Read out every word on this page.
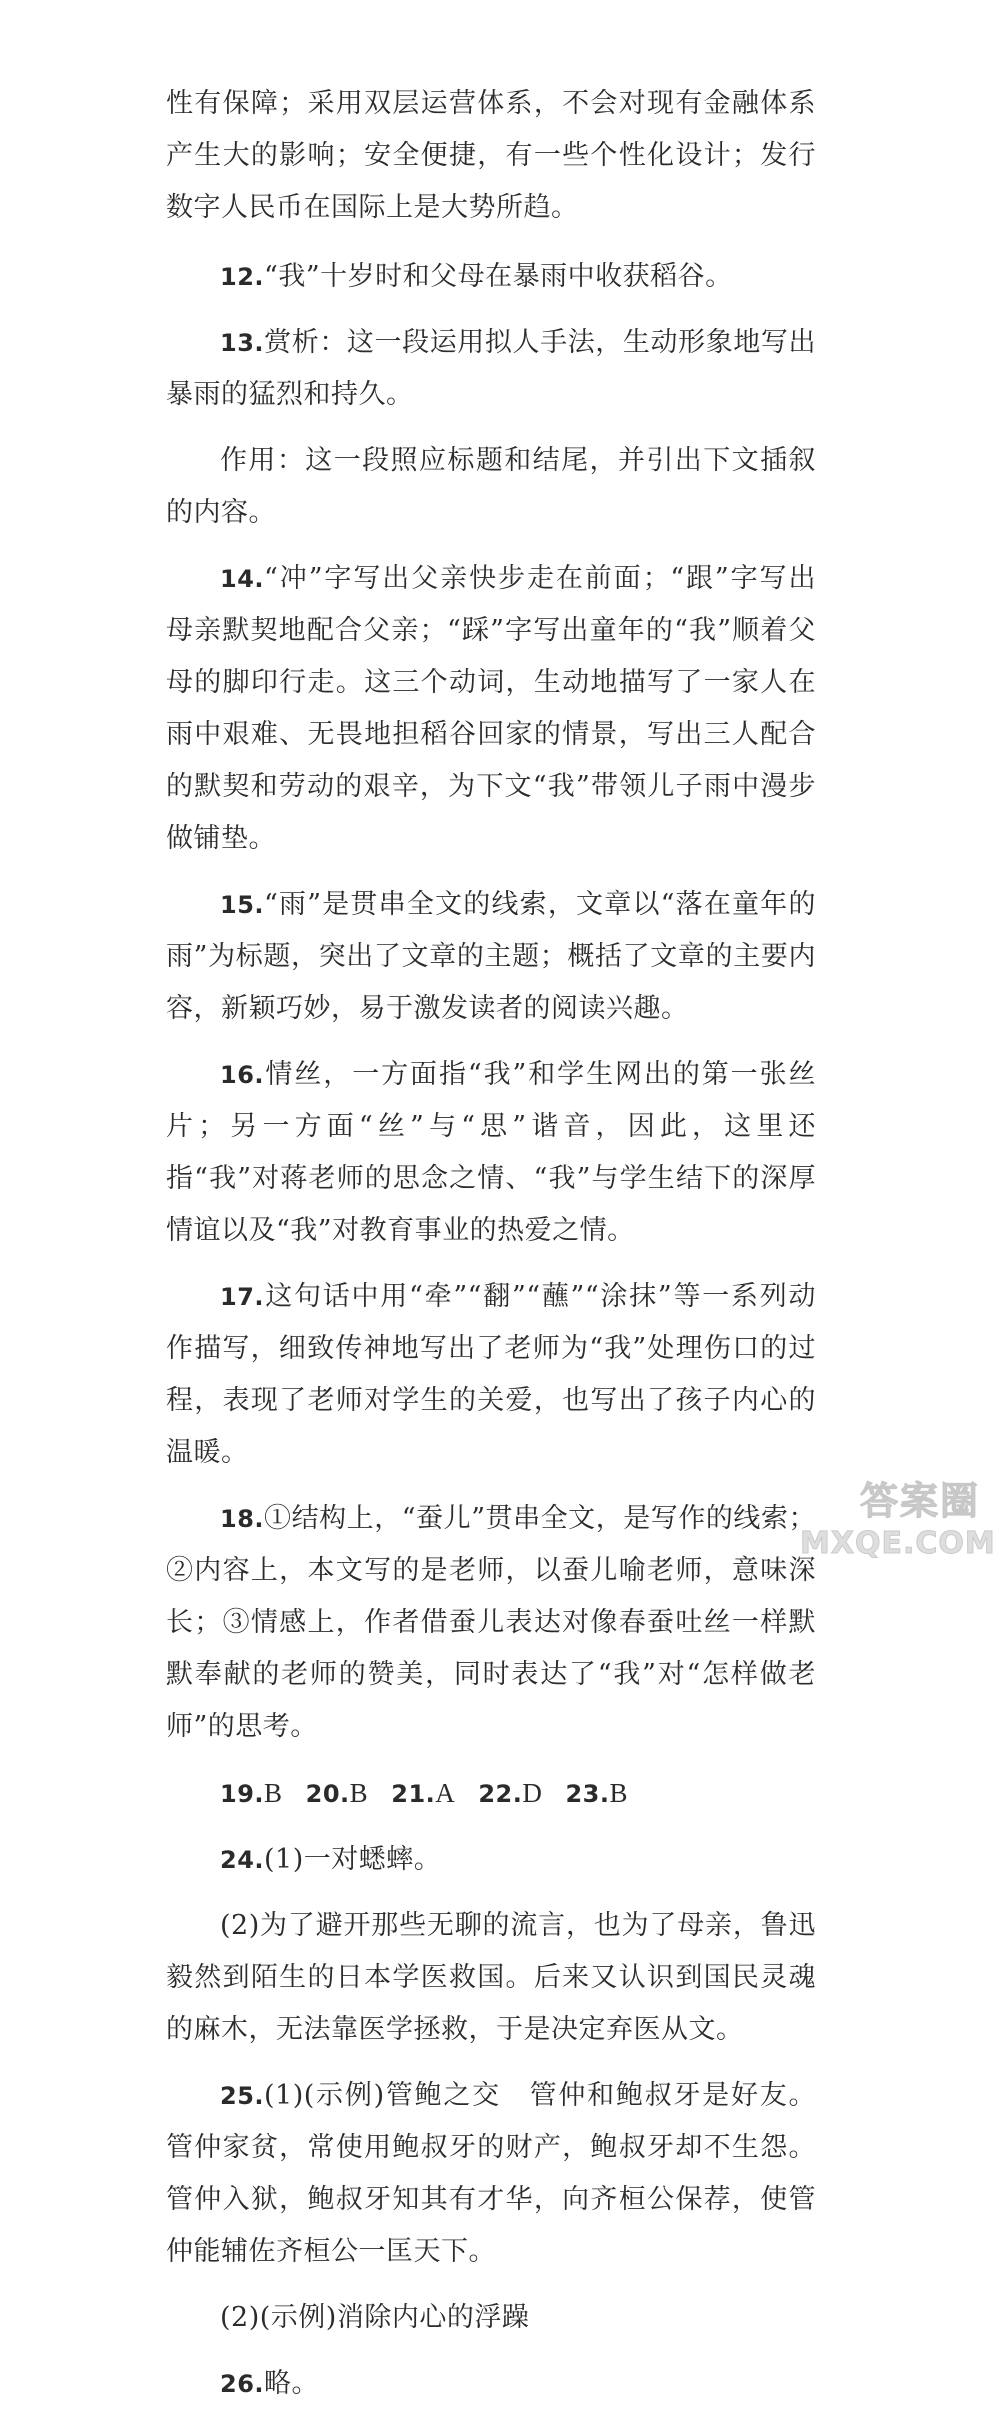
性有保障；采用双层运营体系，不会对现有金融体系产生大的影响；安全便捷，有一些个性化设计；发行数字人民币在国际上是大势所趋。

12.“我”十岁时和父母在暴雨中收获稻谷。

13.赏析：这一段运用拟人手法，生动形象地写出暴雨的猛烈和持久。

作用：这一段照应标题和结尾，并引出下文插叙的内容。

14.“冲”字写出父亲快步走在前面；“跟”字写出母亲默契地配合父亲；“踩”字写出童年的“我”顺着父母的脚印行走。这三个动词，生动地描写了一家人在雨中艰难、无畏地担稻谷回家的情景，写出三人配合的默契和劳动的艰辛，为下文“我”带领儿子雨中漫步做铺垫。

15.“雨”是贯串全文的线索，文章以“落在童年的雨”为标题，突出了文章的主题；概括了文章的主要内容，新颖巧妙，易于激发读者的阅读兴趣。

16.情丝，一方面指“我”和学生网出的第一张丝片；另一方面“丝”与“思”谐音，因此，这里还指“我”对蒋老师的思念之情、“我”与学生结下的深厚情谊以及“我”对教育事业的热爱之情。

17.这句话中用“牵”“翻”“蘸”“涂抹”等一系列动作描写，细致传神地写出了老师为“我”处理伤口的过程，表现了老师对学生的关爱，也写出了孩子内心的温暖。

18.①结构上，“蚕儿”贯串全文，是写作的线索；②内容上，本文写的是老师，以蚕儿喻老师，意味深长；③情感上，作者借蚕儿表达对像春蚕吐丝一样默默奉献的老师的赞美，同时表达了“我”对“怎样做老师”的思考。

19.B 20.B 21.A 22.D 23.B

24.(1)一对蟋蟀。

(2)为了避开那些无聊的流言，也为了母亲，鲁迅毅然到陌生的日本学医救国。后来又认识到国民灵魂的麻木，无法靠医学拯救，于是决定弃医从文。

25.(1)(示例)管鲍之交　管仲和鲍叔牙是好友。管仲家贫，常使用鲍叔牙的财产，鲍叔牙却不生怨。管仲入狱，鲍叔牙知其有才华，向齐桓公保荐，使管仲能辅佐齐桓公一匡天下。

(2)(示例)消除内心的浮躁

26.略。

答案圈
MXQE.COM
